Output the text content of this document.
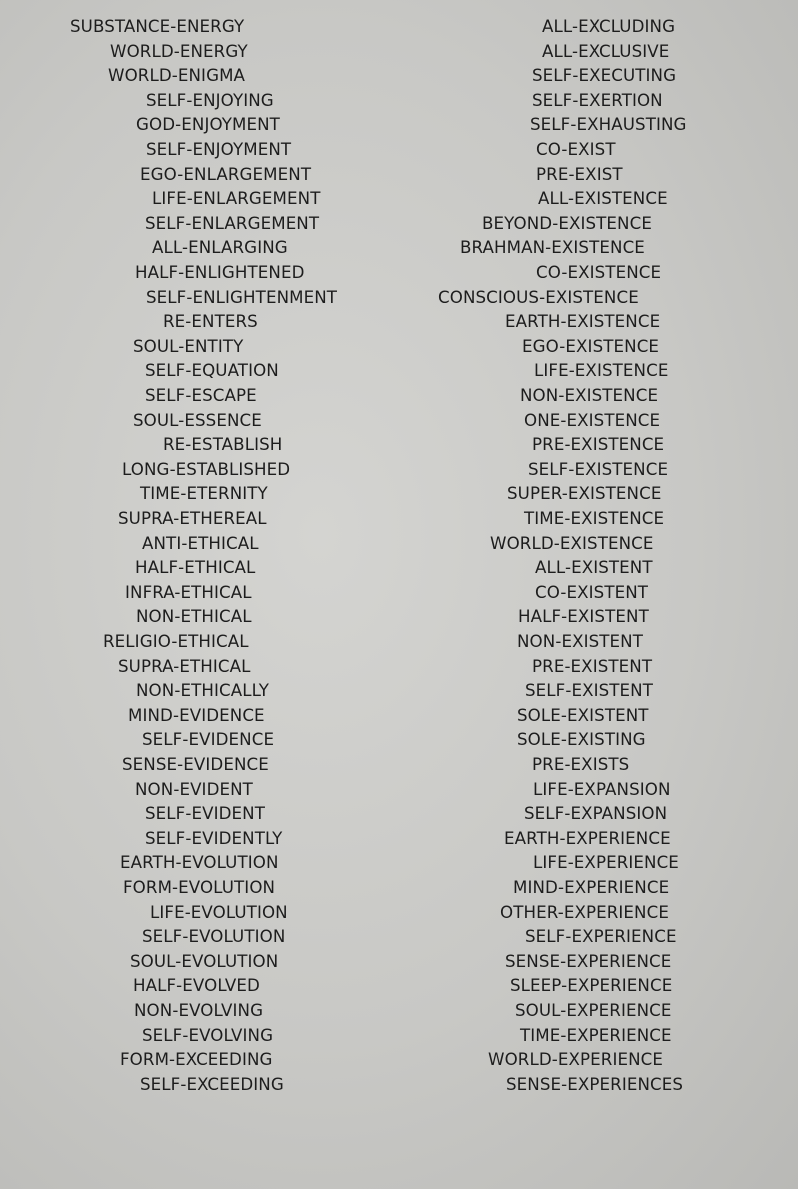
SUBSTANCE-ENERGY
WORLD-ENERGY
WORLD-ENIGMA
SELF-ENJOYING
GOD-ENJOYMENT
SELF-ENJOYMENT
EGO-ENLARGEMENT
LIFE-ENLARGEMENT
SELF-ENLARGEMENT
ALL-ENLARGING
HALF-ENLIGHTENED
SELF-ENLIGHTENMENT
RE-ENTERS
SOUL-ENTITY
SELF-EQUATION
SELF-ESCAPE
SOUL-ESSENCE
RE-ESTABLISH
LONG-ESTABLISHED
TIME-ETERNITY
SUPRA-ETHEREAL
ANTI-ETHICAL
HALF-ETHICAL
INFRA-ETHICAL
NON-ETHICAL
RELIGIO-ETHICAL
SUPRA-ETHICAL
NON-ETHICALLY
MIND-EVIDENCE
SELF-EVIDENCE
SENSE-EVIDENCE
NON-EVIDENT
SELF-EVIDENT
SELF-EVIDENTLY
EARTH-EVOLUTION
FORM-EVOLUTION
LIFE-EVOLUTION
SELF-EVOLUTION
SOUL-EVOLUTION
HALF-EVOLVED
NON-EVOLVING
SELF-EVOLVING
FORM-EXCEEDING
SELF-EXCEEDING
ALL-EXCLUDING
ALL-EXCLUSIVE
SELF-EXECUTING
SELF-EXERTION
SELF-EXHAUSTING
CO-EXIST
PRE-EXIST
ALL-EXISTENCE
BEYOND-EXISTENCE
BRAHMAN-EXISTENCE
CO-EXISTENCE
CONSCIOUS-EXISTENCE
EARTH-EXISTENCE
EGO-EXISTENCE
LIFE-EXISTENCE
NON-EXISTENCE
ONE-EXISTENCE
PRE-EXISTENCE
SELF-EXISTENCE
SUPER-EXISTENCE
TIME-EXISTENCE
WORLD-EXISTENCE
ALL-EXISTENT
CO-EXISTENT
HALF-EXISTENT
NON-EXISTENT
PRE-EXISTENT
SELF-EXISTENT
SOLE-EXISTENT
SOLE-EXISTING
PRE-EXISTS
LIFE-EXPANSION
SELF-EXPANSION
EARTH-EXPERIENCE
LIFE-EXPERIENCE
MIND-EXPERIENCE
OTHER-EXPERIENCE
SELF-EXPERIENCE
SENSE-EXPERIENCE
SLEEP-EXPERIENCE
SOUL-EXPERIENCE
TIME-EXPERIENCE
WORLD-EXPERIENCE
SENSE-EXPERIENCES
